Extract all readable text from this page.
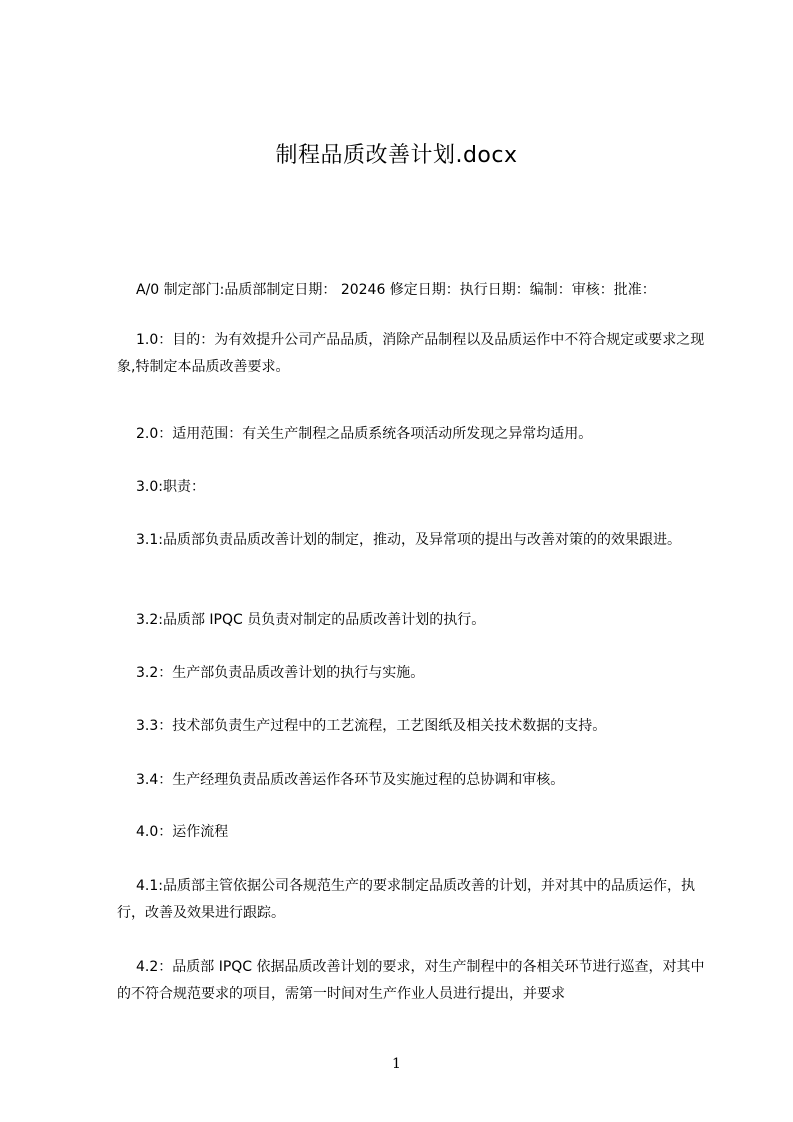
制程品质改善计划.docx

A/0 制定部门:品质部制定日期： 20246 修定日期：执行日期：编制：审核：批准：

1.0：目的：为有效提升公司产品品质，消除产品制程以及品质运作中不符合规定或要求之现象,特制定本品质改善要求。

2.0：适用范围：有关生产制程之品质系统各项活动所发现之异常均适用。

3.0:职责：

3.1:品质部负责品质改善计划的制定，推动，及异常项的提出与改善对策的的效果跟进。

3.2:品质部 IPQC 员负责对制定的品质改善计划的执行。

3.2：生产部负责品质改善计划的执行与实施。

3.3：技术部负责生产过程中的工艺流程，工艺图纸及相关技术数据的支持。

3.4：生产经理负责品质改善运作各环节及实施过程的总协调和审核。

4.0：运作流程

4.1:品质部主管依据公司各规范生产的要求制定品质改善的计划，并对其中的品质运作，执行，改善及效果进行跟踪。

4.2：品质部 IPQC 依据品质改善计划的要求，对生产制程中的各相关环节进行巡查，对其中的不符合规范要求的项目，需第一时间对生产作业人员进行提出，并要求

1
